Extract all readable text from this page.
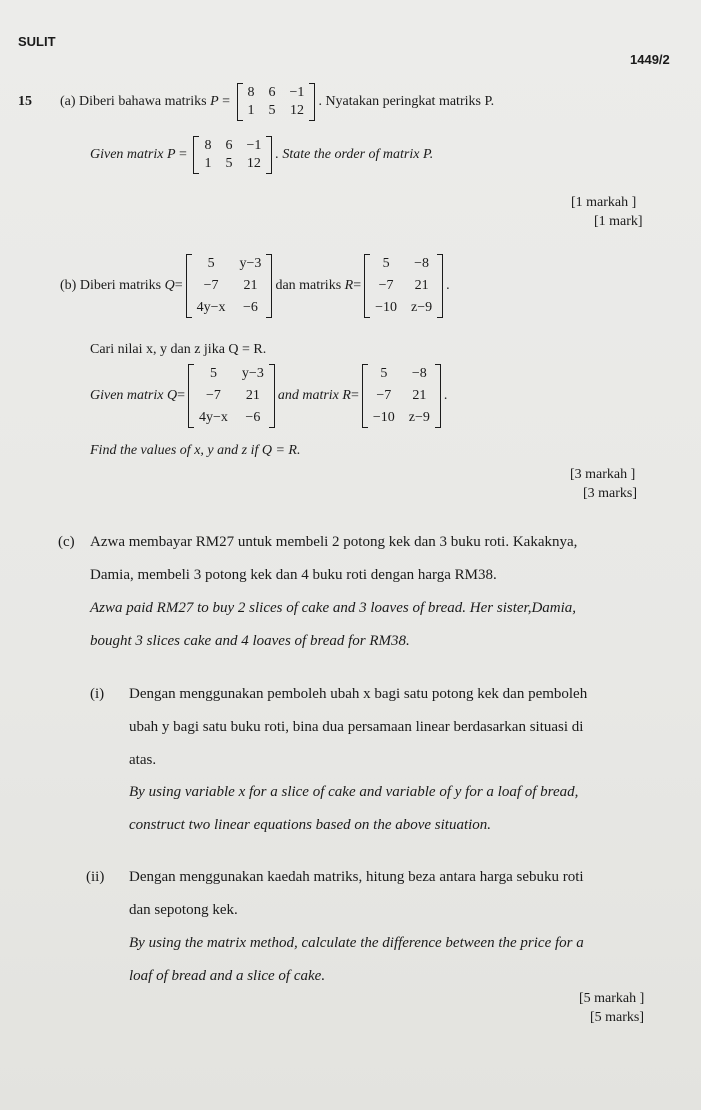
SULIT
1449/2
15 (a)
Diberi bahawa matriks
P =
8 6 −1
1 5 12
. Nyatakan peringkat matriks P.
Given matrix
P =
8 6 −1
1 5 12
. State the order of matrix P.
[1 markah ]
[1 mark]
(b)
Diberi matriks
Q =
5	y−3
−7	21
4y−x −6
dan matriks
R =
5	−8
−7 21
−10 z−9
.
Cari nilai x, y dan z jika Q = R.
Given matrix
Q =
5	y−3
−7	21
4y−x −6
and matrix
R =
5	−8
−7 21
−10 z−9
.
Find the values of x, y and z if Q = R.
[3 markah ]
[3 marks]
(c) Azwa membayar RM27 untuk membeli 2 potong kek dan 3 buku roti. Kakaknya,
Damia, membeli 3 potong kek dan 4 buku roti dengan harga RM38.
Azwa paid RM27 to buy 2 slices of cake and 3 loaves of bread. Her sister,Damia,
bought 3 slices cake and 4 loaves of bread for RM38.
(i) Dengan menggunakan pemboleh ubah x bagi satu potong kek dan pemboleh
ubah y bagi satu buku roti, bina dua persamaan linear berdasarkan situasi di
atas.
By using variable x for a slice of cake and variable of y for a loaf of bread,
construct two linear equations based on the above situation.
(ii) Dengan menggunakan kaedah matriks, hitung beza antara harga sebuku roti
dan sepotong kek.
By using the matrix method, calculate the difference between the price for a
loaf of bread and a slice of cake.
[5 markah ]
[5 marks]
